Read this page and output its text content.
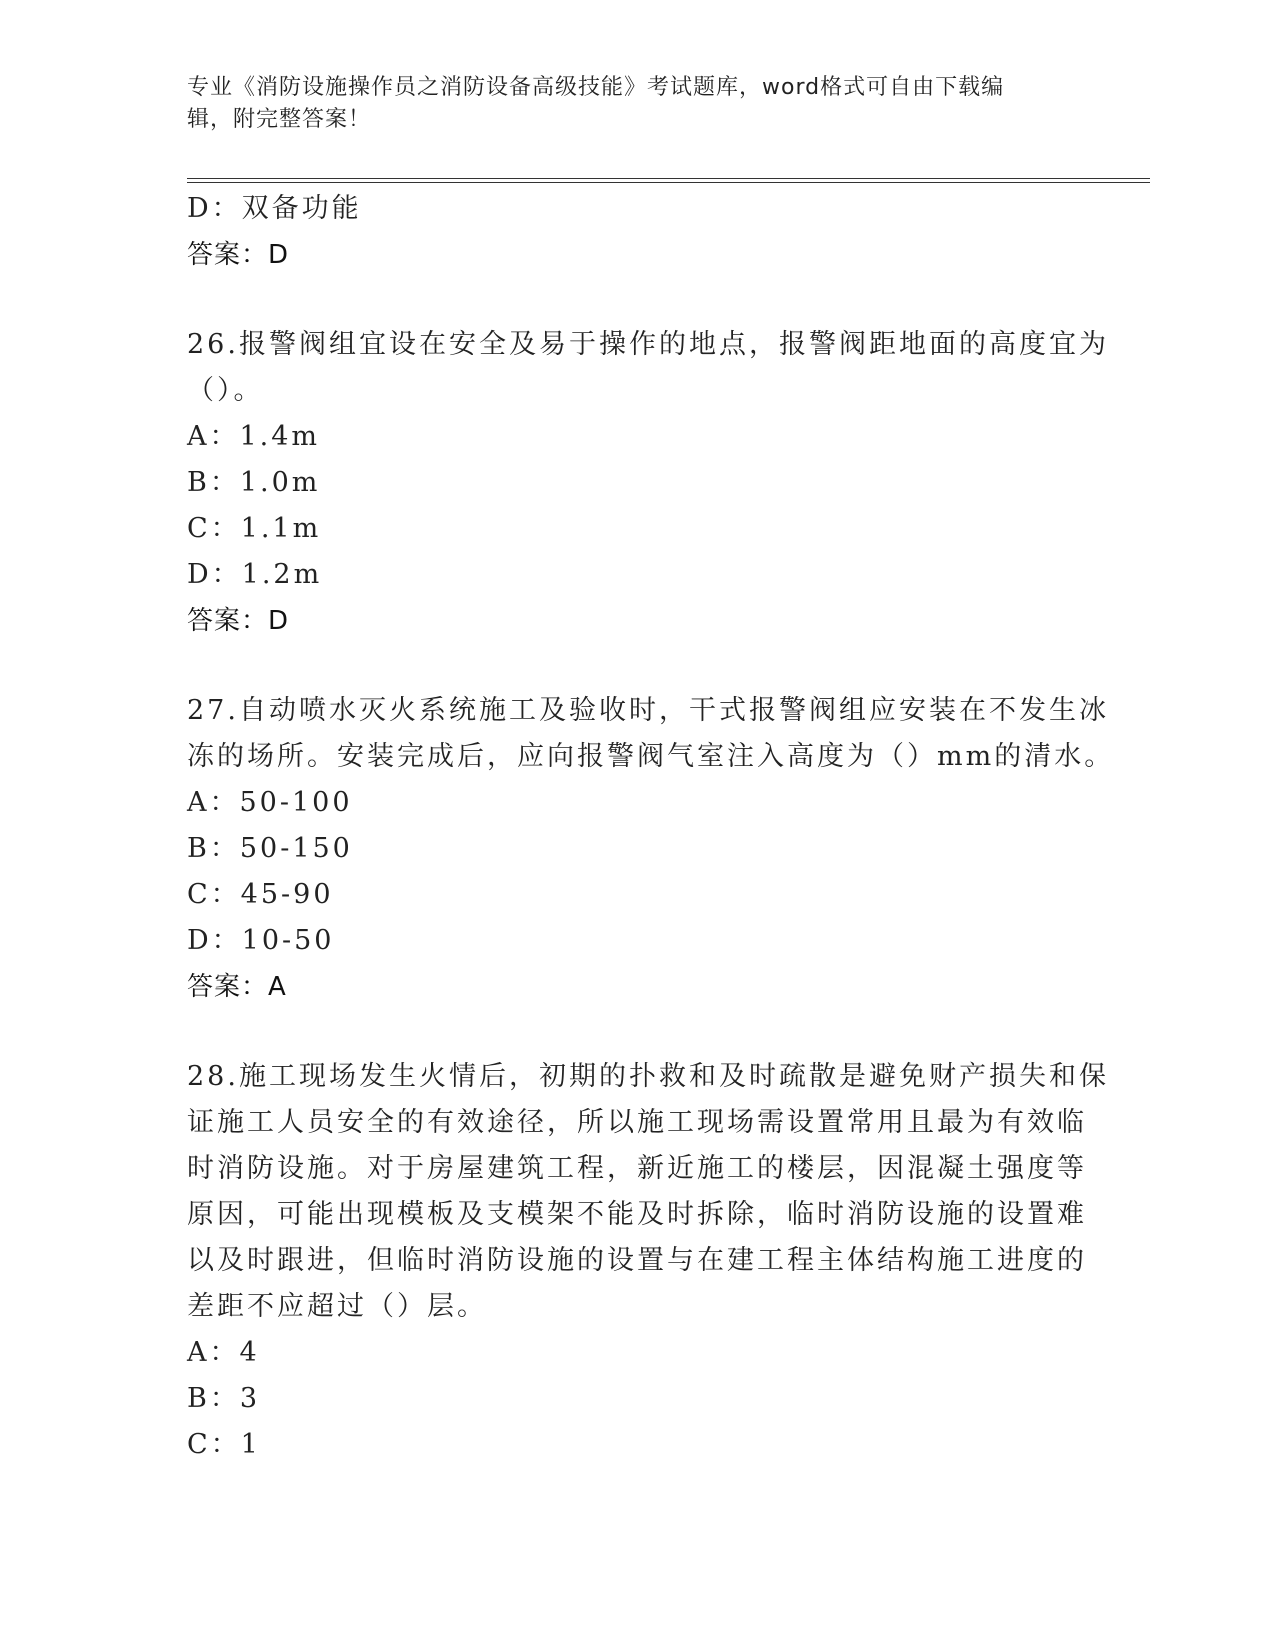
专业《消防设施操作员之消防设备高级技能》考试题库，word格式可自由下载编
辑，附完整答案！
D：双备功能
答案：D
26.报警阀组宜设在安全及易于操作的地点，报警阀距地面的高度宜为
（）。
A：1.4m
B：1.0m
C：1.1m
D：1.2m
答案：D
27.自动喷水灭火系统施工及验收时，干式报警阀组应安装在不发生冰
冻的场所。安装完成后，应向报警阀气室注入高度为（）mm的清水。
A：50-100
B：50-150
C：45-90
D：10-50
答案：A
28.施工现场发生火情后，初期的扑救和及时疏散是避免财产损失和保
证施工人员安全的有效途径，所以施工现场需设置常用且最为有效临
时消防设施。对于房屋建筑工程，新近施工的楼层，因混凝土强度等
原因，可能出现模板及支模架不能及时拆除，临时消防设施的设置难
以及时跟进，但临时消防设施的设置与在建工程主体结构施工进度的
差距不应超过（）层。
A：4
B：3
C：1
